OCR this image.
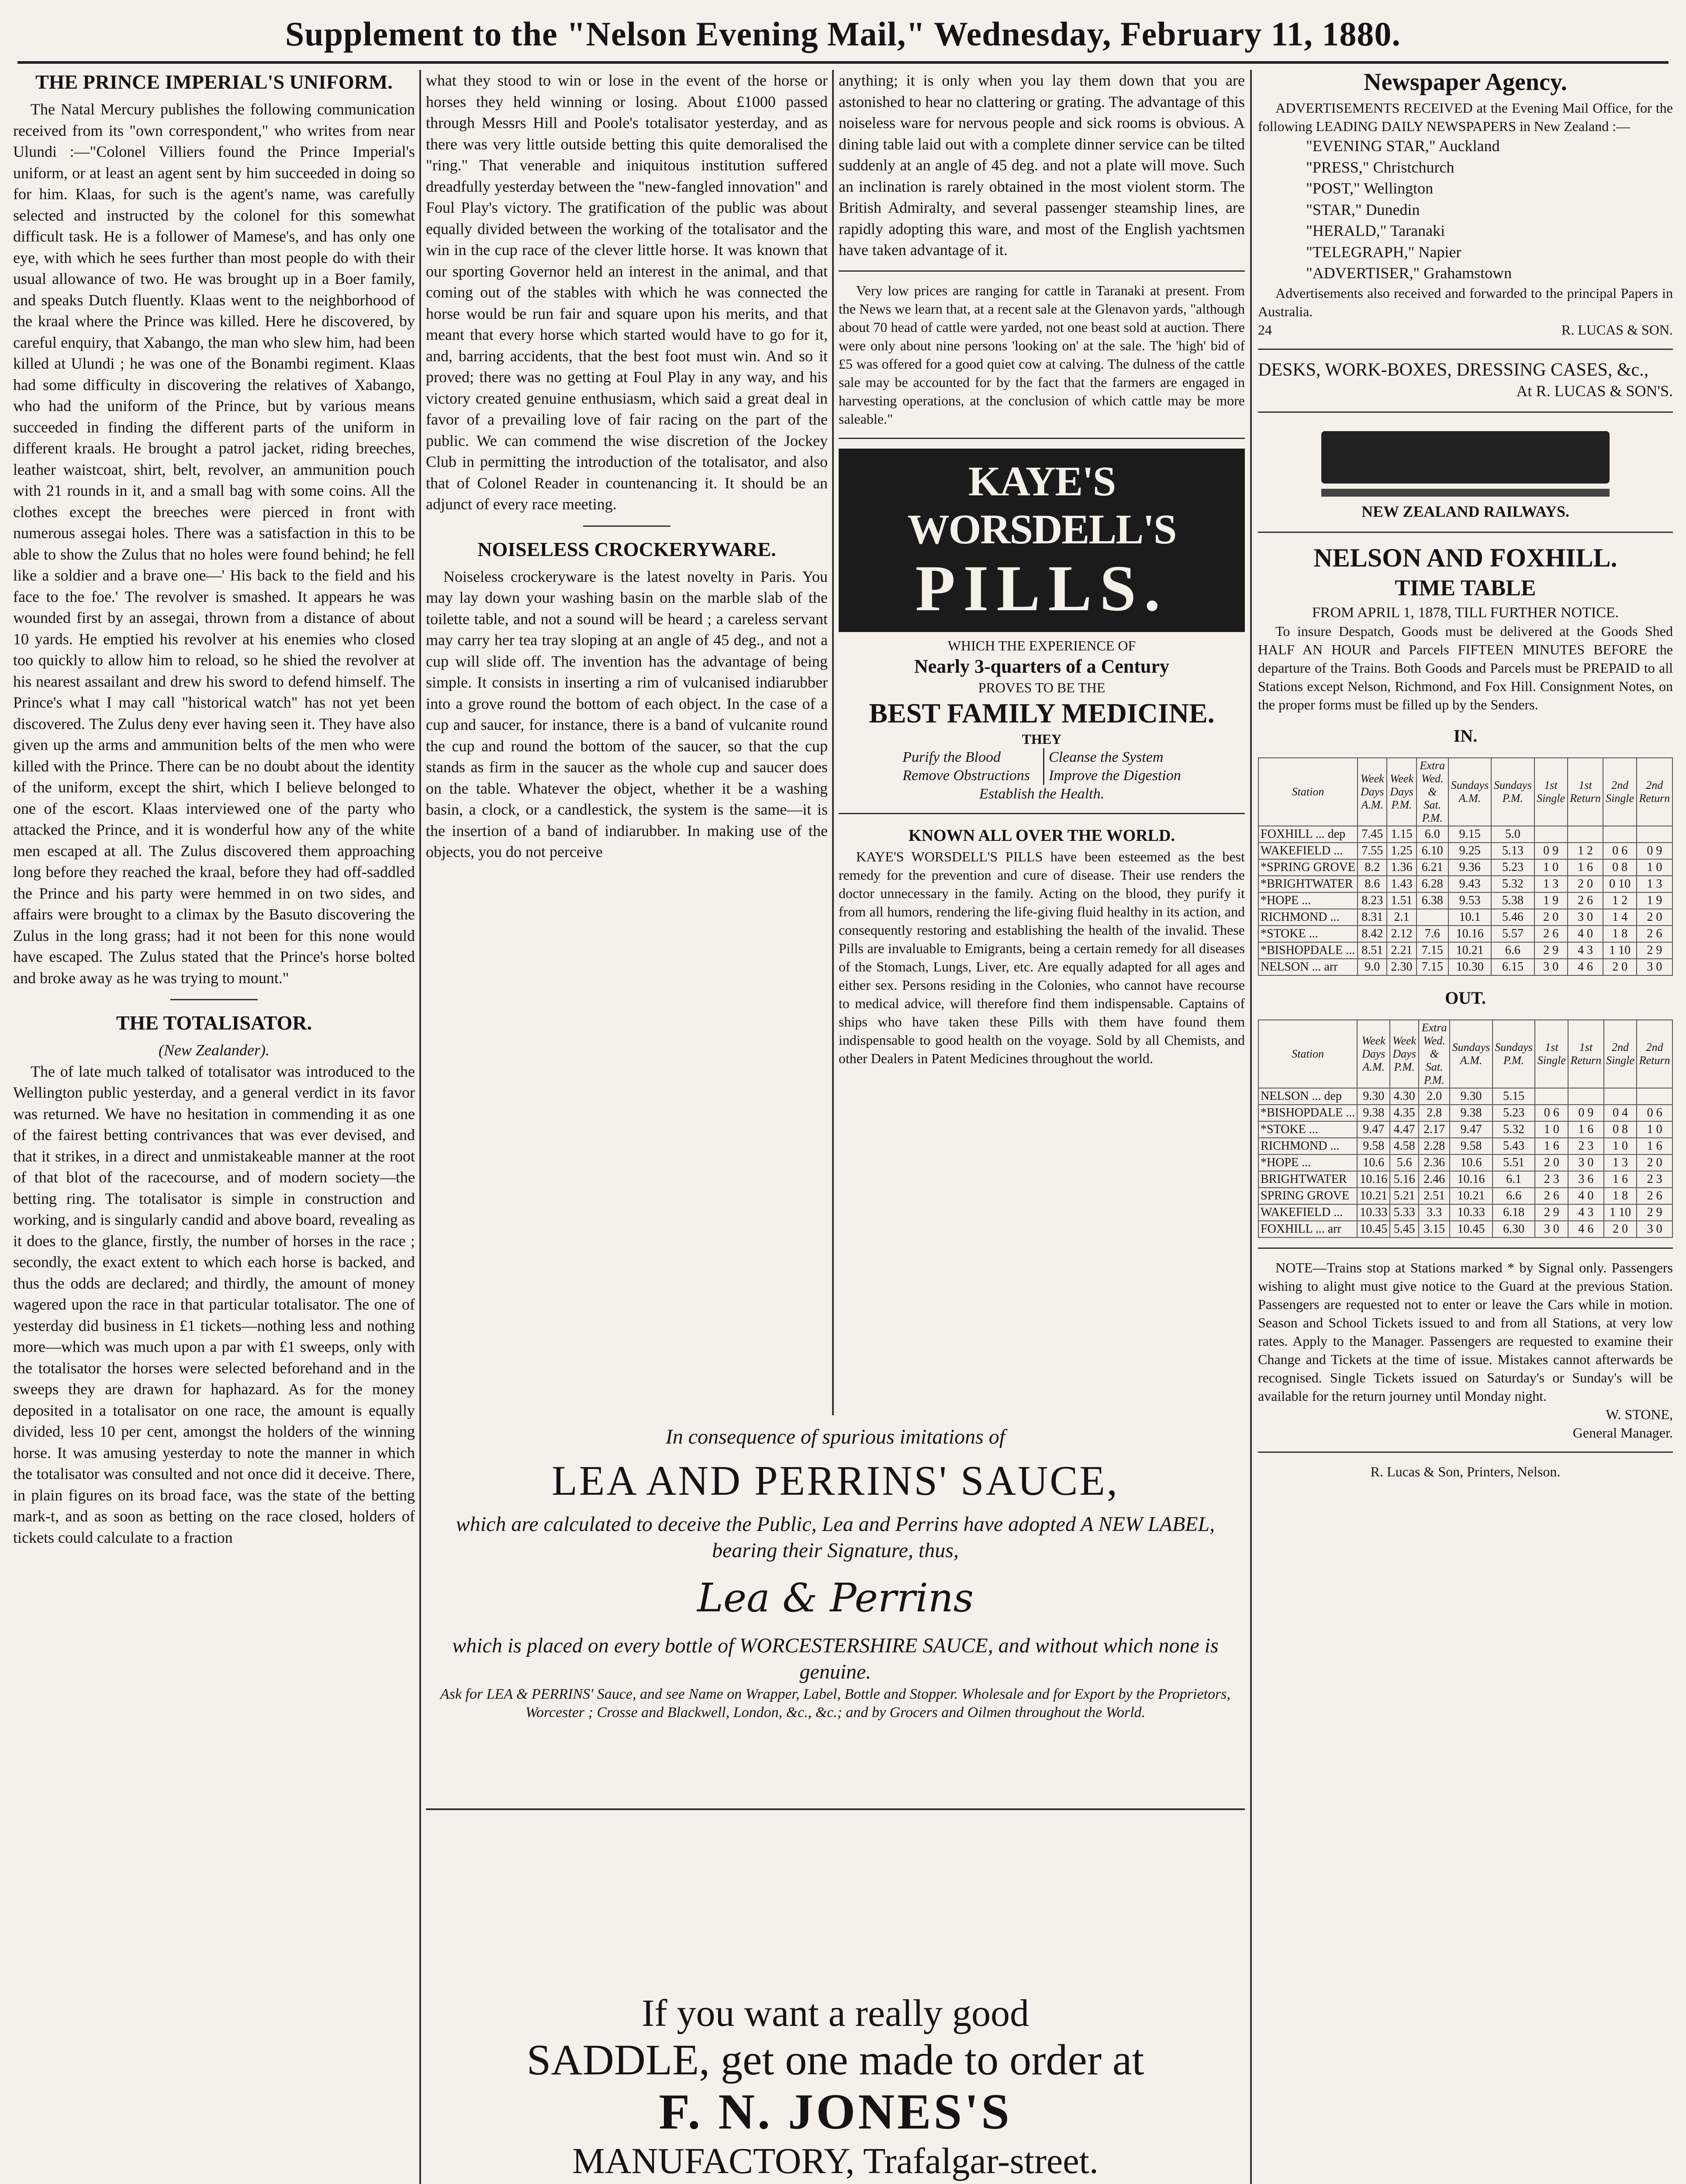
Supplement to the "Nelson Evening Mail," Wednesday, February 11, 1880.

THE PRINCE IMPERIAL'S UNIFORM.

The Natal Mercury publishes the following communication received from its "own correspondent," who writes from near Ulundi :—"Colonel Villiers found the Prince Imperial's uniform, or at least an agent sent by him succeeded in doing so for him. Klaas, for such is the agent's name, was carefully selected and instructed by the colonel for this somewhat difficult task. He is a follower of Mamese's, and has only one eye, with which he sees further than most people do with their usual allowance of two. He was brought up in a Boer family, and speaks Dutch fluently. Klaas went to the neighborhood of the kraal where the Prince was killed. Here he discovered, by careful enquiry, that Xabango, the man who slew him, had been killed at Ulundi ; he was one of the Bonambi regiment. Klaas had some difficulty in discovering the relatives of Xabango, who had the uniform of the Prince, but by various means succeeded in finding the different parts of the uniform in different kraals. He brought a patrol jacket, riding breeches, leather waistcoat, shirt, belt, revolver, an ammunition pouch with 21 rounds in it, and a small bag with some coins. All the clothes except the breeches were pierced in front with numerous assegai holes. There was a satisfaction in this to be able to show the Zulus that no holes were found behind; he fell like a soldier and a brave one—' His back to the field and his face to the foe.' The revolver is smashed. It appears he was wounded first by an assegai, thrown from a distance of about 10 yards. He emptied his revolver at his enemies who closed too quickly to allow him to reload, so he shied the revolver at his nearest assailant and drew his sword to defend himself. The Prince's what I may call "historical watch" has not yet been discovered. The Zulus deny ever having seen it. They have also given up the arms and ammunition belts of the men who were killed with the Prince. There can be no doubt about the identity of the uniform, except the shirt, which I believe belonged to one of the escort. Klaas interviewed one of the party who attacked the Prince, and it is wonderful how any of the white men escaped at all. The Zulus discovered them approaching long before they reached the kraal, before they had off-saddled the Prince and his party were hemmed in on two sides, and affairs were brought to a climax by the Basuto discovering the Zulus in the long grass; had it not been for this none would have escaped. The Zulus stated that the Prince's horse bolted and broke away as he was trying to mount."

THE TOTALISATOR.

(New Zealander).

The of late much talked of totalisator was introduced to the Wellington public yesterday, and a general verdict in its favor was returned. We have no hesitation in commending it as one of the fairest betting contrivances that was ever devised, and that it strikes, in a direct and unmistakeable manner at the root of that blot of the racecourse, and of modern society—the betting ring. The totalisator is simple in construction and working, and is singularly candid and above board, revealing as it does to the glance, firstly, the number of horses in the race ; secondly, the exact extent to which each horse is backed, and thus the odds are declared; and thirdly, the amount of money wagered upon the race in that particular totalisator. The one of yesterday did business in £1 tickets—nothing less and nothing more—which was much upon a par with £1 sweeps, only with the totalisator the horses were selected beforehand and in the sweeps they are drawn for haphazard. As for the money deposited in a totalisator on one race, the amount is equally divided, less 10 per cent, amongst the holders of the winning horse. It was amusing yesterday to note the manner in which the totalisator was consulted and not once did it deceive. There, in plain figures on its broad face, was the state of the betting mark-t, and as soon as betting on the race closed, holders of tickets could calculate to a fraction

what they stood to win or lose in the event of the horse or horses they held winning or losing. About £1000 passed through Messrs Hill and Poole's totalisator yesterday, and as there was very little outside betting this quite demoralised the "ring." That venerable and iniquitous institution suffered dreadfully yesterday between the "new-fangled innovation" and Foul Play's victory. The gratification of the public was about equally divided between the working of the totalisator and the win in the cup race of the clever little horse. It was known that our sporting Governor held an interest in the animal, and that coming out of the stables with which he was connected the horse would be run fair and square upon his merits, and that meant that every horse which started would have to go for it, and, barring accidents, that the best foot must win. And so it proved; there was no getting at Foul Play in any way, and his victory created genuine enthusiasm, which said a great deal in favor of a prevailing love of fair racing on the part of the public. We can commend the wise discretion of the Jockey Club in permitting the introduction of the totalisator, and also that of Colonel Reader in countenancing it. It should be an adjunct of every race meeting.

NOISELESS CROCKERYWARE.

Noiseless crockeryware is the latest novelty in Paris. You may lay down your washing basin on the marble slab of the toilette table, and not a sound will be heard ; a careless servant may carry her tea tray sloping at an angle of 45 deg., and not a cup will slide off. The invention has the advantage of being simple. It consists in inserting a rim of vulcanised indiarubber into a grove round the bottom of each object. In the case of a cup and saucer, for instance, there is a band of vulcanite round the cup and round the bottom of the saucer, so that the cup stands as firm in the saucer as the whole cup and saucer does on the table. Whatever the object, whether it be a washing basin, a clock, or a candlestick, the system is the same—it is the insertion of a band of indiarubber. In making use of the objects, you do not perceive

anything; it is only when you lay them down that you are astonished to hear no clattering or grating. The advantage of this noiseless ware for nervous people and sick rooms is obvious. A dining table laid out with a complete dinner service can be tilted suddenly at an angle of 45 deg. and not a plate will move. Such an inclination is rarely obtained in the most violent storm. The British Admiralty, and several passenger steamship lines, are rapidly adopting this ware, and most of the English yachtsmen have taken advantage of it.

Very low prices are ranging for cattle in Taranaki at present. From the News we learn that, at a recent sale at the Glenavon yards, "although about 70 head of cattle were yarded, not one beast sold at auction. There were only about nine persons 'looking on' at the sale. The 'high' bid of £5 was offered for a good quiet cow at calving. The dulness of the cattle sale may be accounted for by the fact that the farmers are engaged in harvesting operations, at the conclusion of which cattle may be more saleable."

KAYE'S WORSDELL'S
PILLS.

WHICH THE EXPERIENCE OF

Nearly 3-quarters of a Century

PROVES TO BE THE

BEST FAMILY MEDICINE.

THEY

Purify the Blood
Remove Obstructions
Cleanse the System
Improve the Digestion

Establish the Health.

KNOWN ALL OVER THE WORLD.

KAYE'S WORSDELL'S PILLS have been esteemed as the best remedy for the prevention and cure of disease. Their use renders the doctor unnecessary in the family. Acting on the blood, they purify it from all humors, rendering the life-giving fluid healthy in its action, and consequently restoring and establishing the health of the invalid. These Pills are invaluable to Emigrants, being a certain remedy for all diseases of the Stomach, Lungs, Liver, etc. Are equally adapted for all ages and either sex. Persons residing in the Colonies, who cannot have recourse to medical advice, will therefore find them indispensable. Captains of ships who have taken these Pills with them have found them indispensable to good health on the voyage. Sold by all Chemists, and other Dealers in Patent Medicines throughout the world.

In consequence of spurious imitations of

LEA AND PERRINS' SAUCE,

which are calculated to deceive the Public, Lea and Perrins have adopted A NEW LABEL, bearing their Signature, thus,

Lea & Perrins

which is placed on every bottle of WORCESTERSHIRE SAUCE, and without which none is genuine.

Ask for LEA & PERRINS' Sauce, and see Name on Wrapper, Label, Bottle and Stopper. Wholesale and for Export by the Proprietors, Worcester ; Crosse and Blackwell, London, &c., &c.; and by Grocers and Oilmen throughout the World.

If you want a really good

SADDLE, get one made to order at

F. N. JONES'S

MANUFACTORY, Trafalgar-street.

Newspaper Agency.

ADVERTISEMENTS RECEIVED at the Evening Mail Office, for the following LEADING DAILY NEWSPAPERS in New Zealand :—

"EVENING STAR," Auckland

"PRESS," Christchurch

"POST," Wellington

"STAR," Dunedin

"HERALD," Taranaki

"TELEGRAPH," Napier

"ADVERTISER," Grahamstown

Advertisements also received and forwarded to the principal Papers in Australia.

24	R. LUCAS & SON.

DESKS, WORK-BOXES, DRESSING CASES, &c.,

At R. LUCAS & SON'S.

NEW ZEALAND RAILWAYS.

NELSON AND FOXHILL.

TIME TABLE

FROM APRIL 1, 1878, TILL FURTHER NOTICE.

To insure Despatch, Goods must be delivered at the Goods Shed HALF AN HOUR and Parcels FIFTEEN MINUTES BEFORE the departure of the Trains. Both Goods and Parcels must be PREPAID to all Stations except Nelson, Richmond, and Fox Hill. Consignment Notes, on the proper forms must be filled up by the Senders.

IN.

Station	Week Days A.M.	Week Days P.M.	Extra Wed. & Sat. P.M.	Sundays A.M.	Sundays P.M.	1st Single	1st Return	2nd Single	2nd Return
FOXHILL ... dep	7.45	1.15	6.0	9.15	5.0				
WAKEFIELD ...	7.55	1.25	6.10	9.25	5.13	0 9	1 2	0 6	0 9
*SPRING GROVE	8.2	1.36	6.21	9.36	5.23	1 0	1 6	0 8	1 0
*BRIGHTWATER	8.6	1.43	6.28	9.43	5.32	1 3	2 0	0 10	1 3
*HOPE ...	8.23	1.51	6.38	9.53	5.38	1 9	2 6	1 2	1 9
RICHMOND ...	8.31	2.1		10.1	5.46	2 0	3 0	1 4	2 0
*STOKE ...	8.42	2.12	7.6	10.16	5.57	2 6	4 0	1 8	2 6
*BISHOPDALE ...	8.51	2.21	7.15	10.21	6.6	2 9	4 3	1 10	2 9
NELSON ... arr	9.0	2.30	7.15	10.30	6.15	3 0	4 6	2 0	3 0

OUT.

Station	Week Days A.M.	Week Days P.M.	Extra Wed. & Sat. P.M.	Sundays A.M.	Sundays P.M.	1st Single	1st Return	2nd Single	2nd Return
NELSON ... dep	9.30	4.30	2.0	9.30	5.15				
*BISHOPDALE ...	9.38	4.35	2.8	9.38	5.23	0 6	0 9	0 4	0 6
*STOKE ...	9.47	4.47	2.17	9.47	5.32	1 0	1 6	0 8	1 0
RICHMOND ...	9.58	4.58	2.28	9.58	5.43	1 6	2 3	1 0	1 6
*HOPE ...	10.6	5.6	2.36	10.6	5.51	2 0	3 0	1 3	2 0
BRIGHTWATER	10.16	5.16	2.46	10.16	6.1	2 3	3 6	1 6	2 3
SPRING GROVE	10.21	5.21	2.51	10.21	6.6	2 6	4 0	1 8	2 6
WAKEFIELD ...	10.33	5.33	3.3	10.33	6.18	2 9	4 3	1 10	2 9
FOXHILL ... arr	10.45	5.45	3.15	10.45	6.30	3 0	4 6	2 0	3 0

NOTE—Trains stop at Stations marked * by Signal only. Passengers wishing to alight must give notice to the Guard at the previous Station. Passengers are requested not to enter or leave the Cars while in motion. Season and School Tickets issued to and from all Stations, at very low rates. Apply to the Manager. Passengers are requested to examine their Change and Tickets at the time of issue. Mistakes cannot afterwards be recognised. Single Tickets issued on Saturday's or Sunday's will be available for the return journey until Monday night.

W. STONE,

General Manager.

R. Lucas & Son, Printers, Nelson.
